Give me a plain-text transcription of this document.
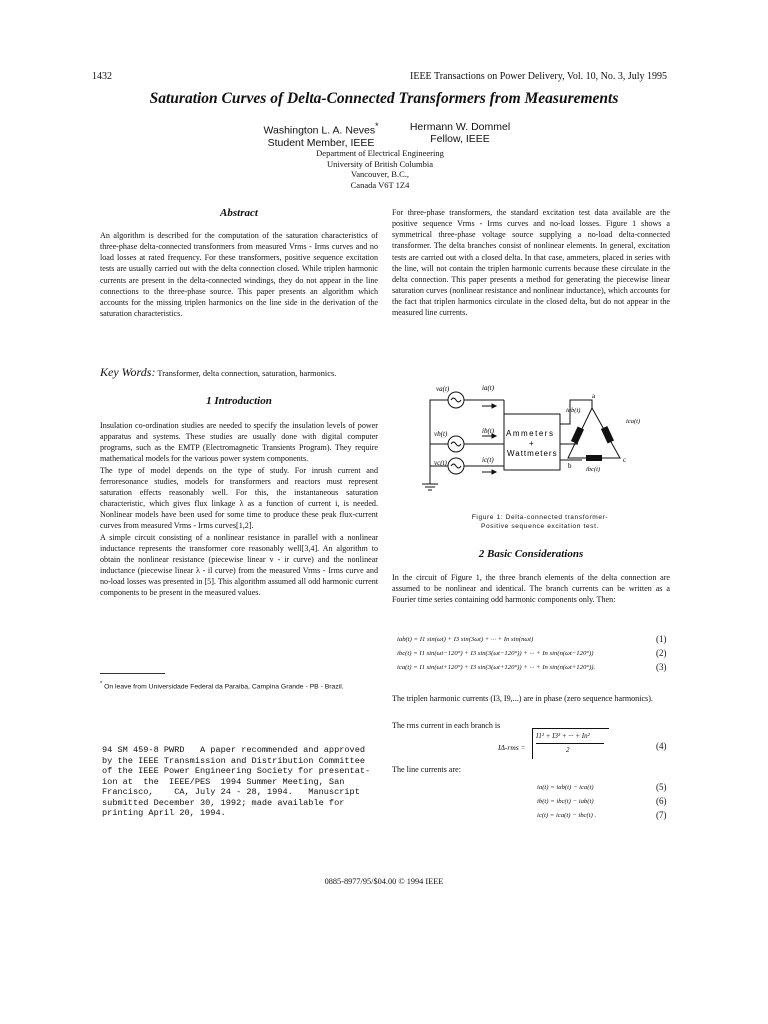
1432	IEEE Transactions on Power Delivery, Vol. 10, No. 3, July 1995
Saturation Curves of Delta-Connected Transformers from Measurements
Washington L. A. Neves*
Student Member, IEEE
Hermann W. Dommel
Fellow, IEEE
Department of Electrical Engineering
University of British Columbia
Vancouver, B.C.,
Canada V6T 1Z4
Abstract
An algorithm is described for the computation of the saturation characteristics of three-phase delta-connected transformers from measured Vrms - Irms curves and no load losses at rated frequency. For these transformers, positive sequence excitation tests are usually carried out with the delta connection closed. While triplen harmonic currents are present in the delta-connected windings, they do not appear in the line connections to the three-phase source. This paper presents an algorithm which accounts for the missing triplen harmonics on the line side in the derivation of the saturation characteristics.
Key Words: Transformer, delta connection, saturation, harmonics.
1 Introduction

Insulation co-ordination studies are needed to specify the insulation levels of power apparatus and systems. These studies are usually done with digital computer programs, such as the EMTP (Electromagnetic Transients Program). They require mathematical models for the various power system components.

The type of model depends on the type of study. For inrush current and ferroresonance studies, models for transformers and reactors must represent saturation effects reasonably well. For this, the instantaneous saturation characteristic, which gives flux linkage λ as a function of current i, is needed. Nonlinear models have been used for some time to produce these peak flux-current curves from measured Vrms - Irms curves[1,2].

A simple circuit consisting of a nonlinear resistance in parallel with a nonlinear inductance represents the transformer core reasonably well[3,4]. An algorithm to obtain the nonlinear resistance (piecewise linear v - ir curve) and the nonlinear inductance (piecewise linear λ - il curve) from the measured Vrms - Irms curve and no-load losses was presented in [5]. This algorithm assumed all odd harmonic current components to be present in the measured values.

* On leave from Universidade Federal da Paraiba, Campina Grande - PB - Brazil.
94 SM 459-8 PWRD   A paper recommended and approved
by the IEEE Transmission and Distribution Committee
of the IEEE Power Engineering Society for presentat-
ion at  the  IEEE/PES  1994 Summer Meeting, San
Francisco,    CA, July 24 - 28, 1994.   Manuscript
submitted December 30, 1992; made available for
printing April 20, 1994.
For three-phase transformers, the standard excitation test data available are the positive sequence Vrms - Irms curves and no-load losses. Figure 1 shows a symmetrical three-phase voltage source supplying a no-load delta-connected transformer. The delta branches consist of nonlinear elements. In general, excitation tests are carried out with a closed delta. In that case, ammeters, placed in series with the line, will not contain the triplen harmonic currents because these circulate in the delta connection. This paper presents a method for generating the piecewise linear saturation curves (nonlinear resistance and nonlinear inductance), which accounts for the fact that triplen harmonics circulate in the closed delta, but do not appear in the measured line currents.
Ammeters
+
Wattmeters
va(t)
vb(t)
vc(t)
ia(t)
ib(t)
ic(t)
iab(t)
ica(t)
ibc(t)
a
b
c
Figure 1: Delta-connected transformer-
Positive sequence excitation test.
2 Basic Considerations
In the circuit of Figure 1, the three branch elements of the delta connection are assumed to be nonlinear and identical. The branch currents can be written as a Fourier time series containing odd harmonic components only. Then:
iab(t) = I1 sin(ωt) + I3 sin(3ωt) + ··· + In sin(nωt)	(1)
ibc(t) = I1 sin(ωt−120°) + I3 sin(3(ωt−120°)) + ··· + In sin(n(ωt−120°))	(2)
ica(t) = I1 sin(ωt+120°) + I3 sin(3(ωt+120°)) + ··· + In sin(n(ωt+120°)).	(3)
The triplen harmonic currents (I3, I9,...) are in phase (zero sequence harmonics).
The rms current in each branch is
IΔ-rms =
I1² + I3² + ··· + In²
2	(4)
The line currents are:
ia(t) = iab(t) − ica(t)	(5)
ib(t) = ibc(t) − iab(t)	(6)
ic(t) = ica(t) − ibc(t) .	(7)
0885-8977/95/$04.00 © 1994 IEEE
